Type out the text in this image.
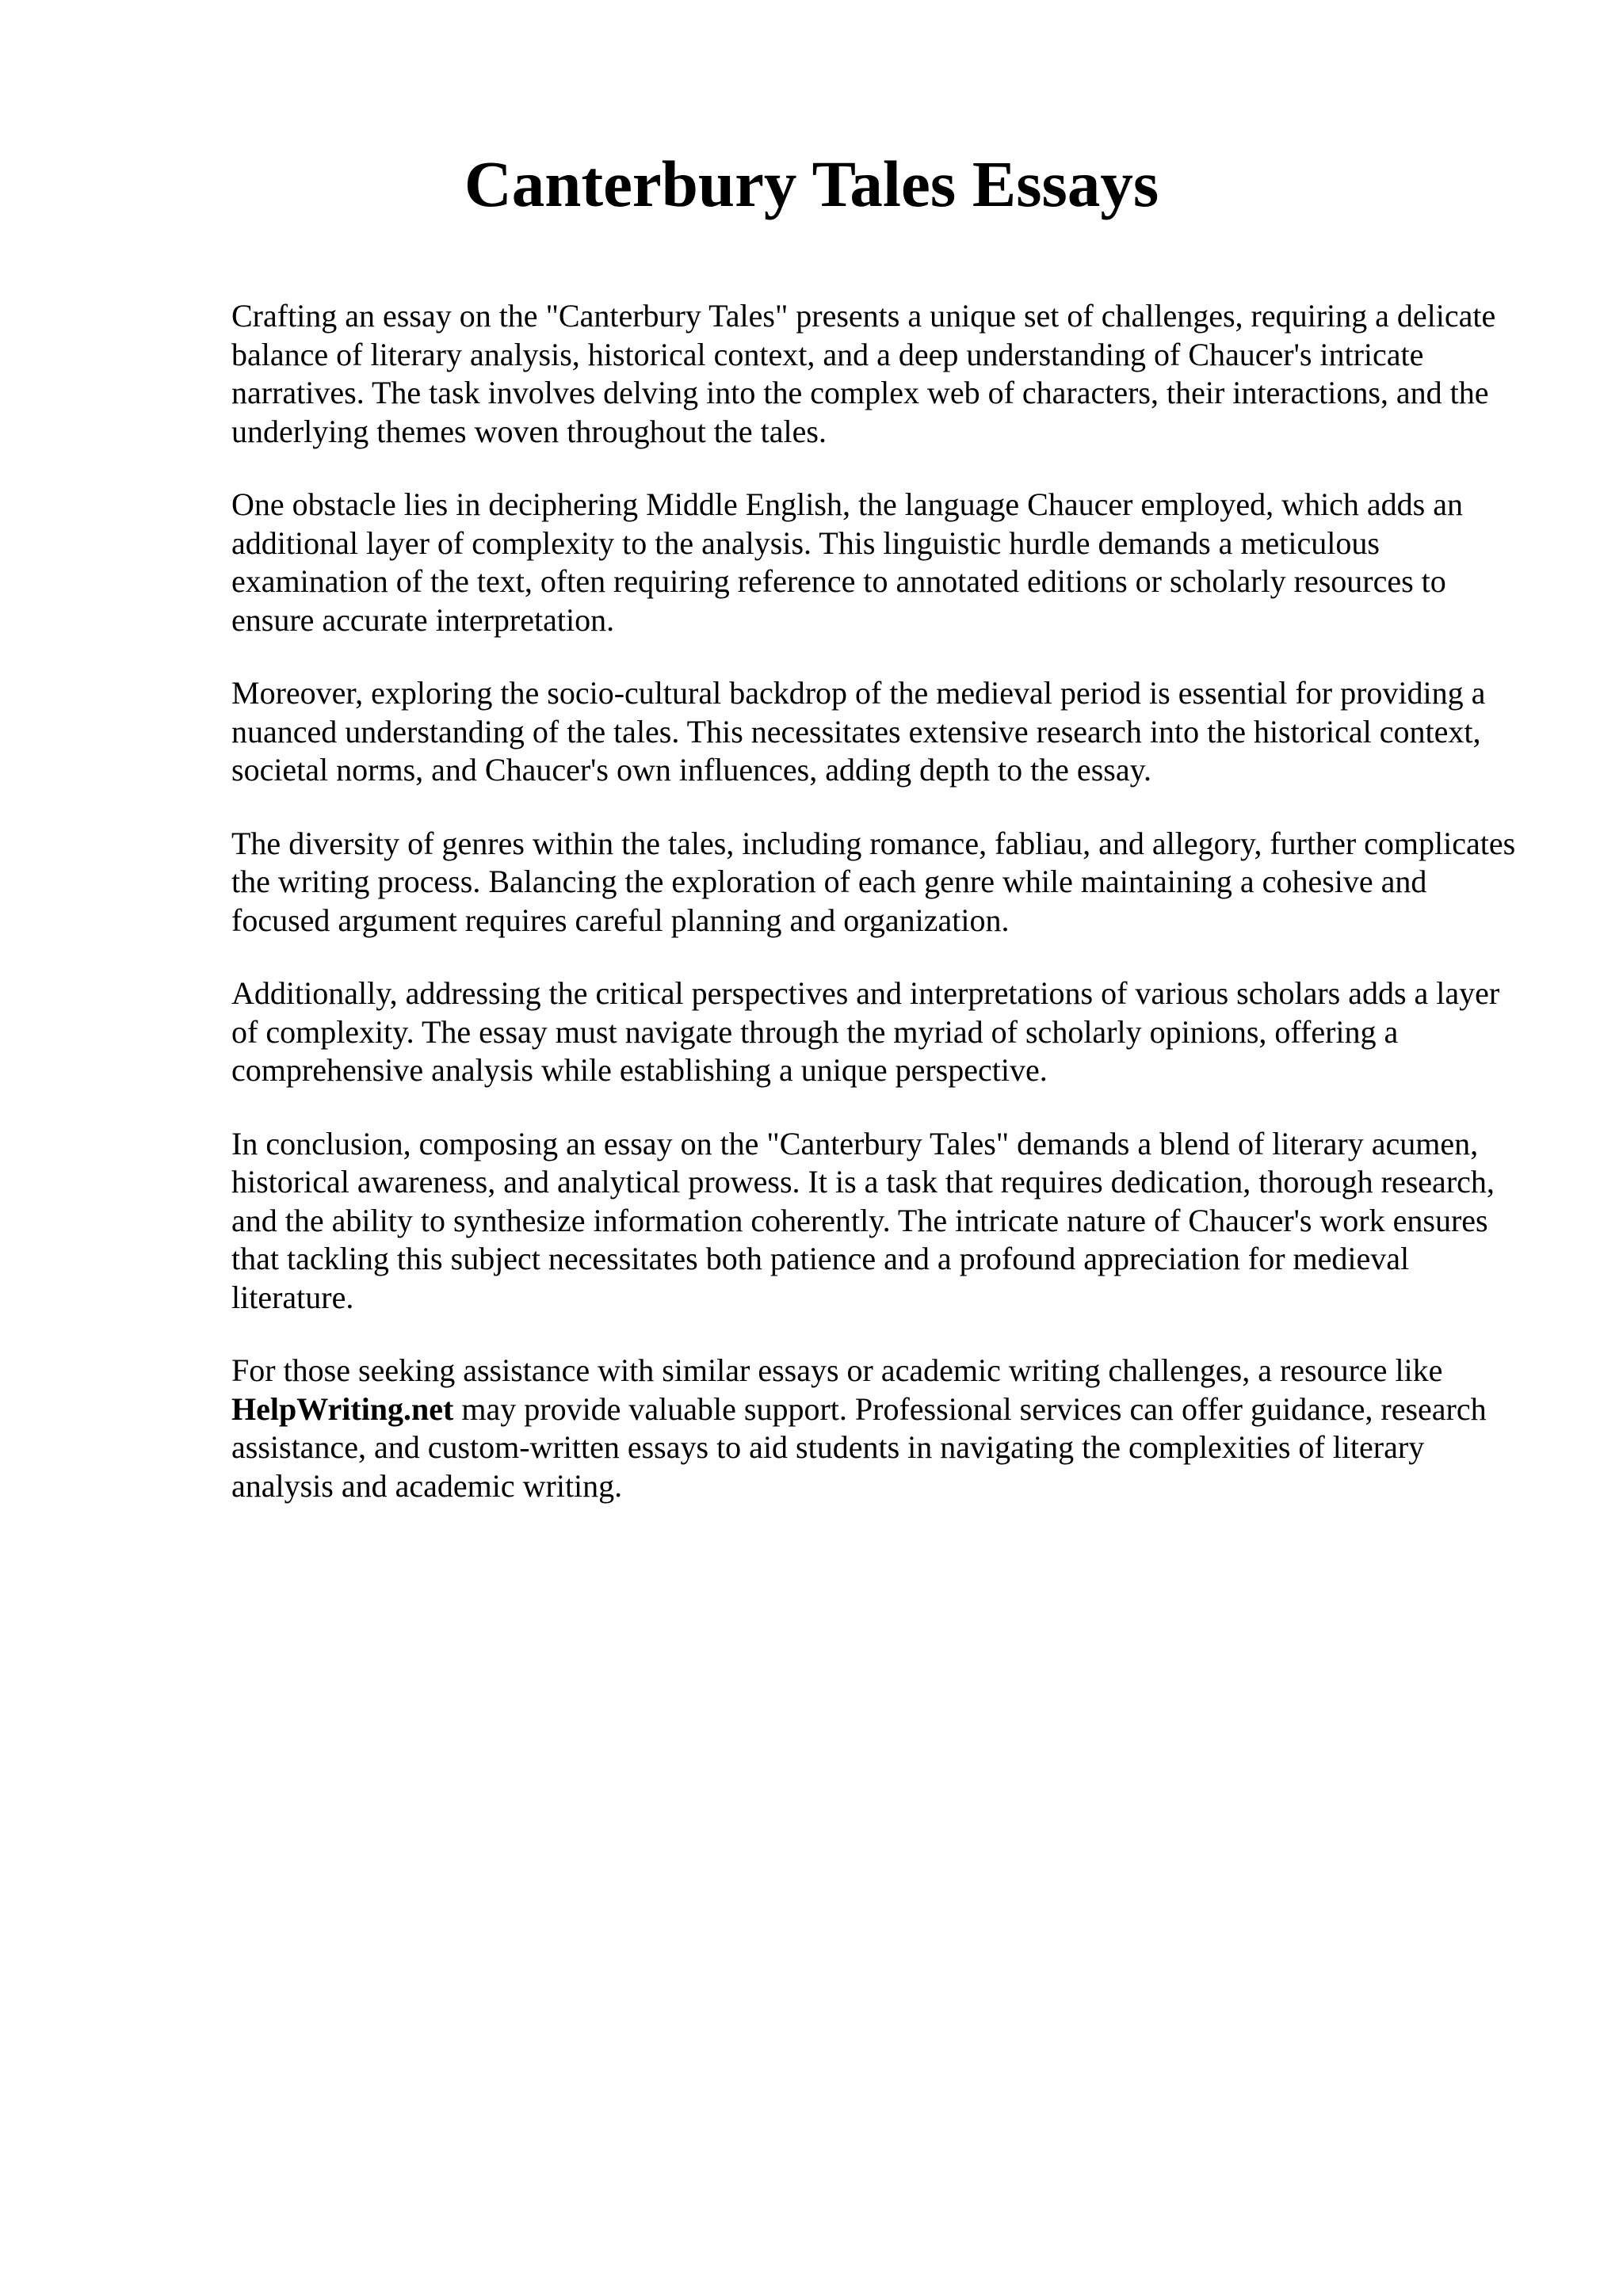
Canterbury Tales Essays

Crafting an essay on the "Canterbury Tales" presents a unique set of challenges, requiring a delicate balance of literary analysis, historical context, and a deep understanding of Chaucer's intricate narratives. The task involves delving into the complex web of characters, their interactions, and the underlying themes woven throughout the tales.

One obstacle lies in deciphering Middle English, the language Chaucer employed, which adds an additional layer of complexity to the analysis. This linguistic hurdle demands a meticulous examination of the text, often requiring reference to annotated editions or scholarly resources to ensure accurate interpretation.

Moreover, exploring the socio-cultural backdrop of the medieval period is essential for providing a nuanced understanding of the tales. This necessitates extensive research into the historical context, societal norms, and Chaucer's own influences, adding depth to the essay.

The diversity of genres within the tales, including romance, fabliau, and allegory, further complicates the writing process. Balancing the exploration of each genre while maintaining a cohesive and focused argument requires careful planning and organization.

Additionally, addressing the critical perspectives and interpretations of various scholars adds a layer of complexity. The essay must navigate through the myriad of scholarly opinions, offering a comprehensive analysis while establishing a unique perspective.

In conclusion, composing an essay on the "Canterbury Tales" demands a blend of literary acumen, historical awareness, and analytical prowess. It is a task that requires dedication, thorough research, and the ability to synthesize information coherently. The intricate nature of Chaucer's work ensures that tackling this subject necessitates both patience and a profound appreciation for medieval literature.

For those seeking assistance with similar essays or academic writing challenges, a resource like HelpWriting.net may provide valuable support. Professional services can offer guidance, research assistance, and custom-written essays to aid students in navigating the complexities of literary analysis and academic writing.
